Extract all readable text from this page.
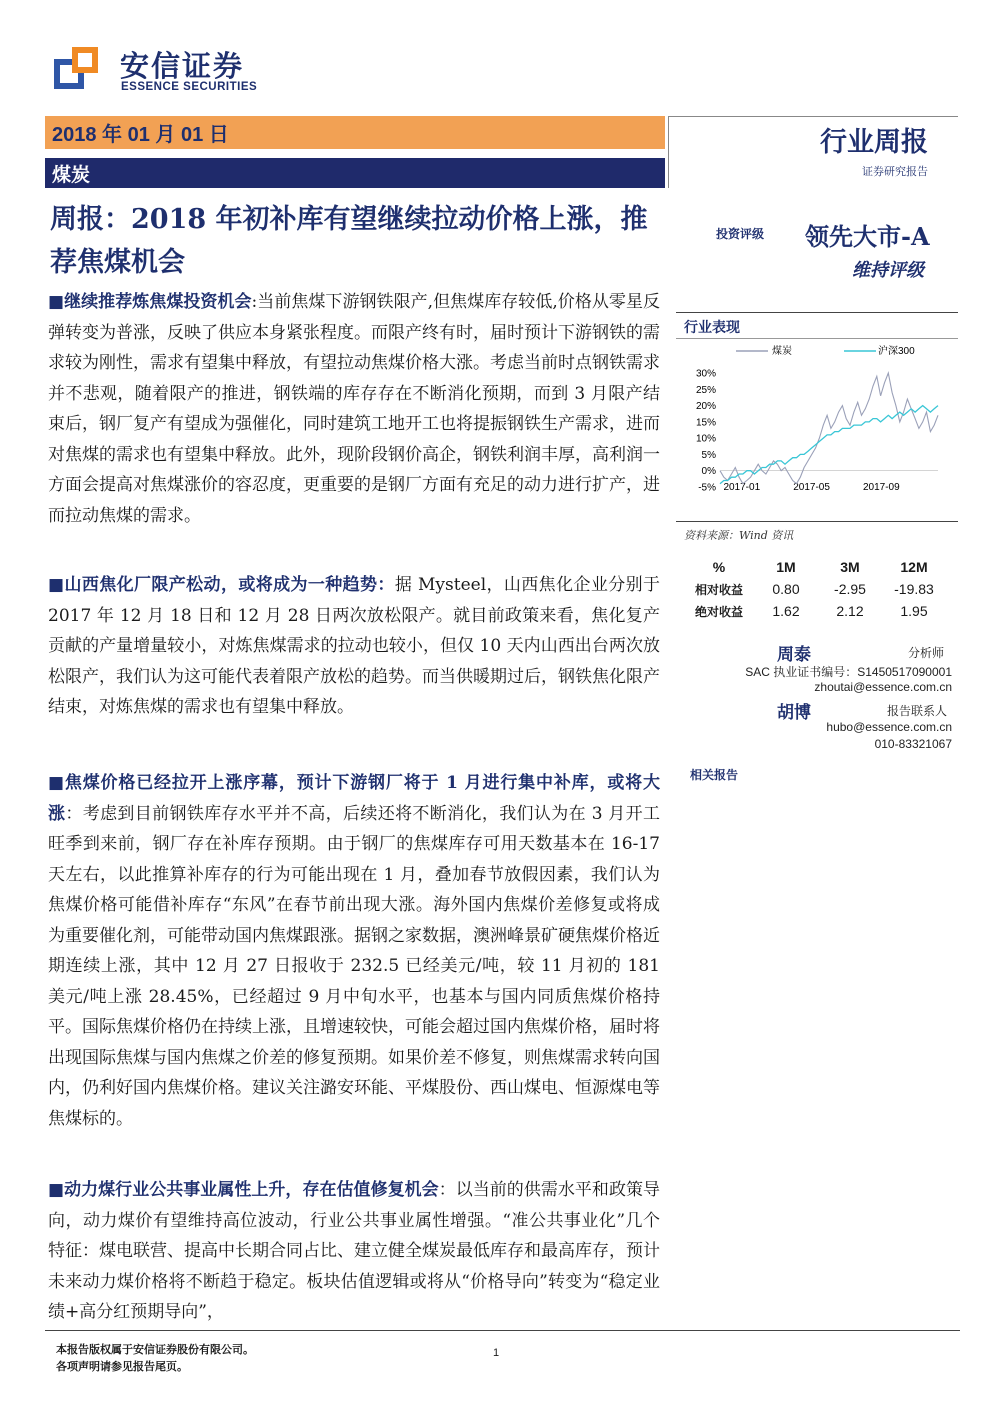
安信证券
ESSENCE SECURITIES
2018 年 01 月 01 日
煤炭
行业周报
证券研究报告
周报：2018 年初补库有望继续拉动价格上涨，推荐焦煤机会
投资评级 领先大市-A
维持评级
■继续推荐炼焦煤投资机会:当前焦煤下游钢铁限产,但焦煤库存较低,价格从零星反弹转变为普涨，反映了供应本身紧张程度。而限产终有时，届时预计下游钢铁的需求较为刚性，需求有望集中释放，有望拉动焦煤价格大涨。考虑当前时点钢铁需求并不悲观，随着限产的推进，钢铁端的库存存在不断消化预期，而到 3 月限产结束后，钢厂复产有望成为强催化，同时建筑工地开工也将提振钢铁生产需求，进而对焦煤的需求也有望集中释放。此外，现阶段钢价高企，钢铁利润丰厚，高利润一方面会提高对焦煤涨价的容忍度，更重要的是钢厂方面有充足的动力进行扩产，进而拉动焦煤的需求。
■山西焦化厂限产松动，或将成为一种趋势：据 Mysteel，山西焦化企业分别于 2017 年 12 月 18 日和 12 月 28 日两次放松限产。就目前政策来看，焦化复产贡献的产量增量较小，对炼焦煤需求的拉动也较小，但仅 10 天内山西出台两次放松限产，我们认为这可能代表着限产放松的趋势。而当供暖期过后，钢铁焦化限产结束，对炼焦煤的需求也有望集中释放。
■焦煤价格已经拉开上涨序幕，预计下游钢厂将于 1 月进行集中补库，或将大涨：考虑到目前钢铁库存水平并不高，后续还将不断消化，我们认为在 3 月开工旺季到来前，钢厂存在补库存预期。由于钢厂的焦煤库存可用天数基本在 16-17 天左右，以此推算补库存的行为可能出现在 1 月，叠加春节放假因素，我们认为焦煤价格可能借补库存“东风”在春节前出现大涨。海外国内焦煤价差修复或将成为重要催化剂，可能带动国内焦煤跟涨。据钢之家数据，澳洲峰景矿硬焦煤价格近期连续上涨，其中 12 月 27 日报收于 232.5 已经美元/吨，较 11 月初的 181 美元/吨上涨 28.45%，已经超过 9 月中旬水平，也基本与国内同质焦煤价格持平。国际焦煤价格仍在持续上涨，且增速较快，可能会超过国内焦煤价格，届时将出现国际焦煤与国内焦煤之价差的修复预期。如果价差不修复，则焦煤需求转向国内，仍利好国内焦煤价格。建议关注潞安环能、平煤股份、西山煤电、恒源煤电等焦煤标的。
■动力煤行业公共事业属性上升，存在估值修复机会：以当前的供需水平和政策导向，动力煤价有望维持高位波动，行业公共事业属性增强。“准公共事业化”几个特征：煤电联营、提高中长期合同占比、建立健全煤炭最低库存和最高库存，预计未来动力煤价格将不断趋于稳定。板块估值逻辑或将从“价格导向”转变为“稳定业绩+高分红预期导向”，
行业表现
煤炭	沪深300
-5%
0%
5%
10%
15%
20%
25%
30%
2017-01	2017-05	2017-09
资料来源：Wind 资讯
%	1M	3M	12M
相对收益	0.80	-2.95	-19.83
绝对收益	1.62	2.12	1.95
周泰	分析师
SAC 执业证书编号：S1450517090001
zhoutai@essence.com.cn
胡博	报告联系人
hubo@essence.com.cn
010-83321067
相关报告
本报告版权属于安信证券股份有限公司。
各项声明请参见报告尾页。
1
